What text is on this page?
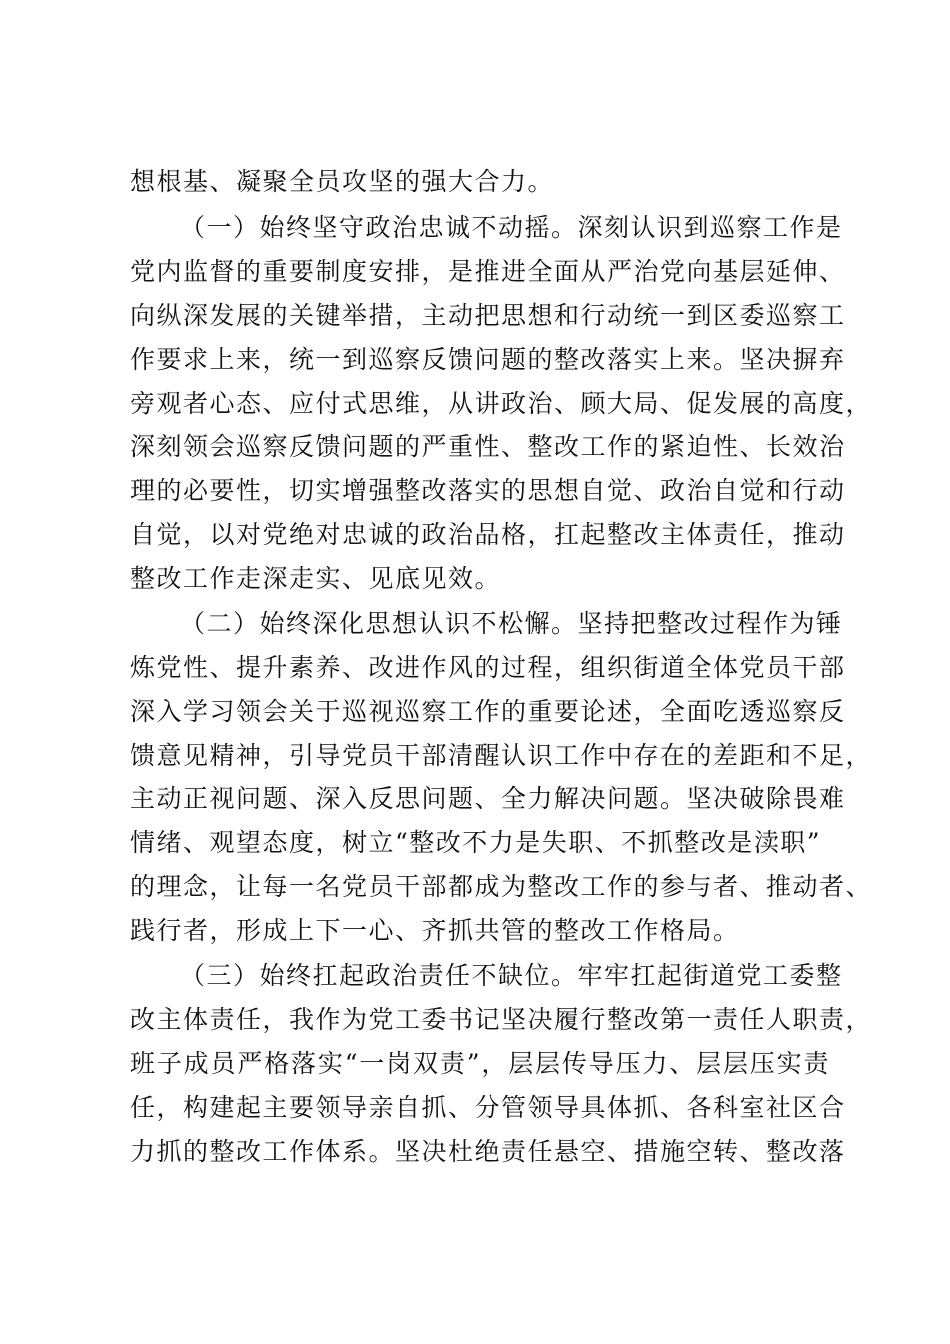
想根基、凝聚全员攻坚的强大合力。
（一）始终坚守政治忠诚不动摇。深刻认识到巡察工作是
党内监督的重要制度安排，是推进全面从严治党向基层延伸、
向纵深发展的关键举措，主动把思想和行动统一到区委巡察工
作要求上来，统一到巡察反馈问题的整改落实上来。坚决摒弃
旁观者心态、应付式思维，从讲政治、顾大局、促发展的高度，
深刻领会巡察反馈问题的严重性、整改工作的紧迫性、长效治
理的必要性，切实增强整改落实的思想自觉、政治自觉和行动
自觉，以对党绝对忠诚的政治品格，扛起整改主体责任，推动
整改工作走深走实、见底见效。
（二）始终深化思想认识不松懈。坚持把整改过程作为锤
炼党性、提升素养、改进作风的过程，组织街道全体党员干部
深入学习领会关于巡视巡察工作的重要论述，全面吃透巡察反
馈意见精神，引导党员干部清醒认识工作中存在的差距和不足，
主动正视问题、深入反思问题、全力解决问题。坚决破除畏难
情绪、观望态度，树立“整改不力是失职、不抓整改是渎职”
的理念，让每一名党员干部都成为整改工作的参与者、推动者、
践行者，形成上下一心、齐抓共管的整改工作格局。
（三）始终扛起政治责任不缺位。牢牢扛起街道党工委整
改主体责任，我作为党工委书记坚决履行整改第一责任人职责，
班子成员严格落实“一岗双责”，层层传导压力、层层压实责
任，构建起主要领导亲自抓、分管领导具体抓、各科室社区合
力抓的整改工作体系。坚决杜绝责任悬空、措施空转、整改落
